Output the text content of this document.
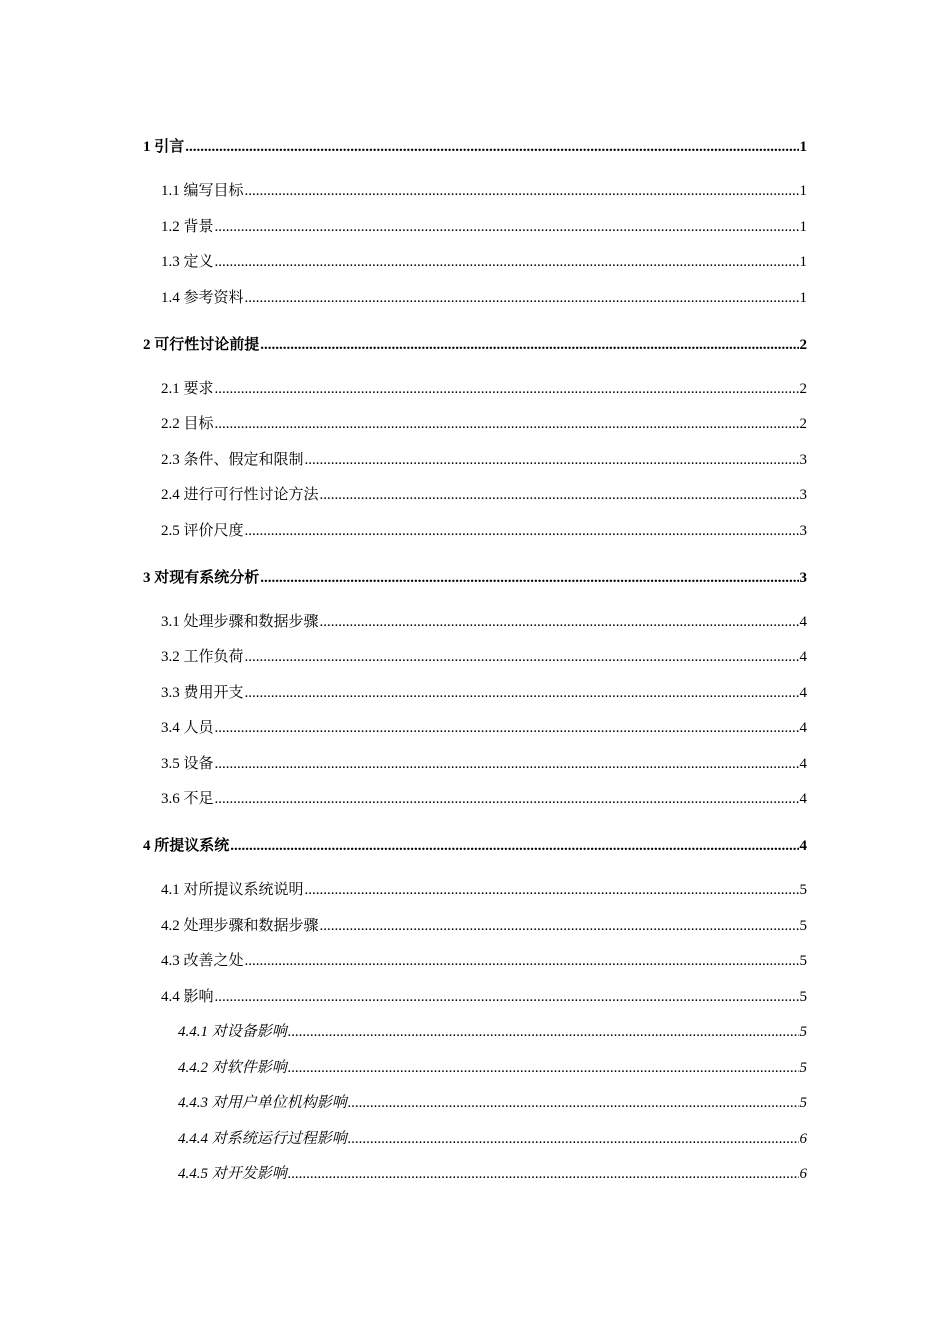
1 引言 .....	1
1.1 编写目标 .....	1
1.2 背景 .....	1
1.3 定义 .....	1
1.4 参考资料 .....	1
2 可行性讨论前提 .....	2
2.1 要求 .....	2
2.2 目标 .....	2
2.3 条件、假定和限制 .....	3
2.4 进行可行性讨论方法 .....	3
2.5 评价尺度 .....	3
3 对现有系统分析 .....	3
3.1 处理步骤和数据步骤 .....	4
3.2 工作负荷 .....	4
3.3 费用开支 .....	4
3.4 人员 .....	4
3.5 设备 .....	4
3.6 不足 .....	4
4 所提议系统 .....	4
4.1 对所提议系统说明 .....	5
4.2 处理步骤和数据步骤 .....	5
4.3 改善之处 .....	5
4.4 影响 .....	5
4.4.1 对设备影响 .....	5
4.4.2 对软件影响 .....	5
4.4.3 对用户单位机构影响 .....	5
4.4.4 对系统运行过程影响 .....	6
4.4.5 对开发影响 .....	6
